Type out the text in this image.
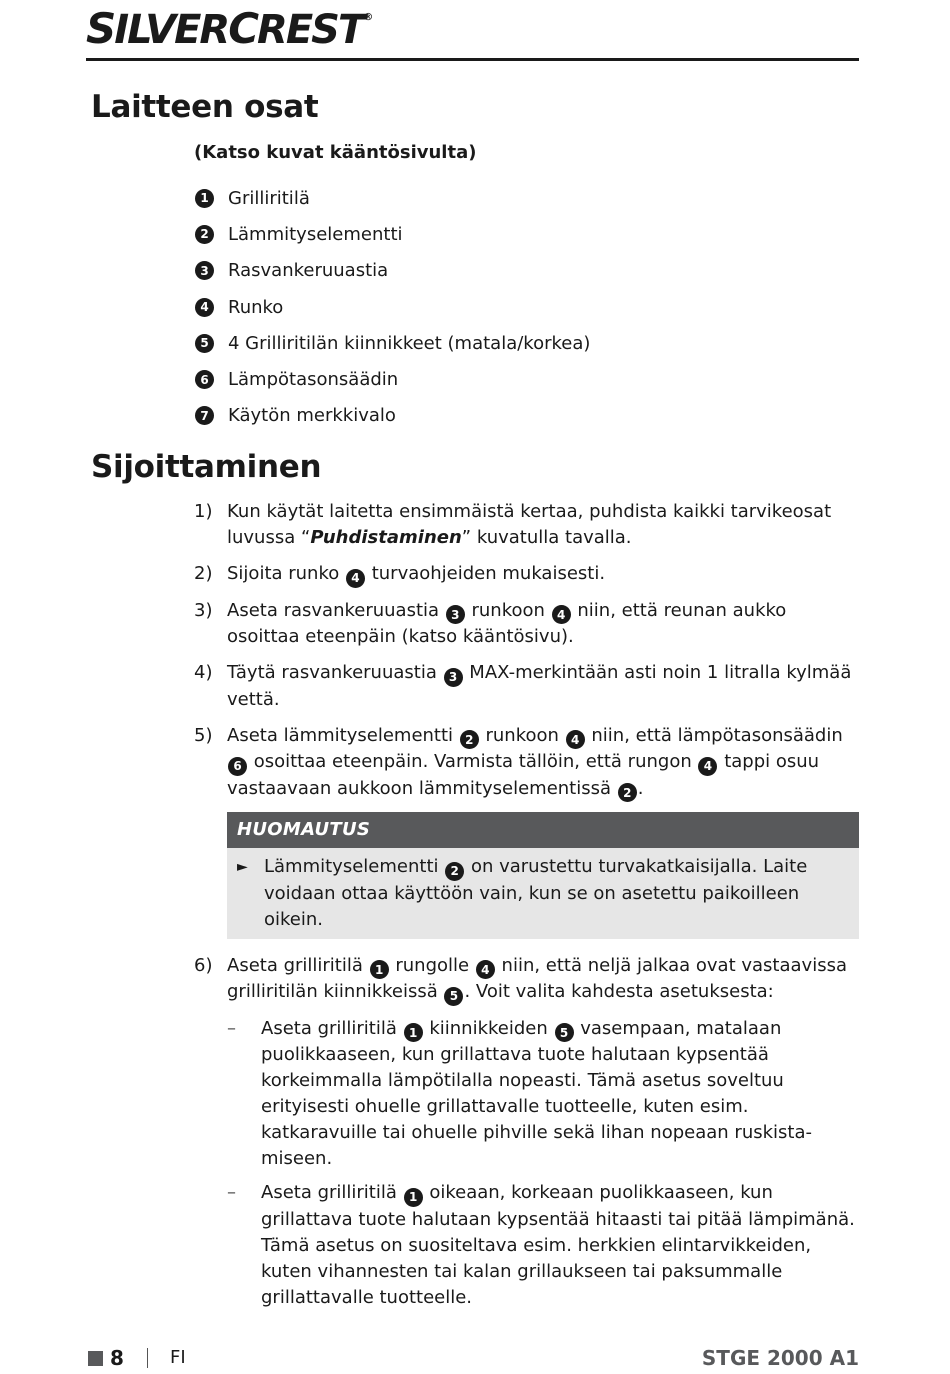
SILVERCREST®
Laitteen osat

(Katso kuvat kääntösivulta)

1 Grilliritilä
2 Lämmityselementti
3 Rasvankeruuastia
4 Runko
5 4 Grilliritilän kiinnikkeet (matala/korkea)
6 Lämpötasonsäädin
7 Käytön merkkivalo
Sijoittaminen
1) Kun käytät laitetta ensimmäistä kertaa, puhdista kaikki tarvikeosat luvussa “Puhdistaminen” kuvatulla tavalla.
2) Sijoita runko 4 turvaohjeiden mukaisesti.
3) Aseta rasvankeruuastia 3 runkoon 4 niin, että reunan aukko osoittaa eteenpäin (katso kääntösivu).
4) Täytä rasvankeruuastia 3 MAX-merkintään asti noin 1 litralla kylmää vettä.
5) Aseta lämmityselementti 2 runkoon 4 niin, että lämpötasonsäädin 6 osoittaa eteenpäin. Varmista tällöin, että rungon 4 tappi osuu vastaavaan aukkoon lämmityselementissä 2 .
HUOMAUTUS
► Lämmityselementti 2 on varustettu turvakatkaisijalla. Laite voidaan ottaa käyttöön vain, kun se on asetettu paikoilleen oikein.
6) Aseta grilliritilä 1 rungolle 4 niin, että neljä jalkaa ovat vastaavissa grilliritilän kiinnikkeissä 5 . Voit valita kahdesta asetuksesta:
–	Aseta grilliritilä 1 kiinnikkeiden 5 vasempaan, matalaan puolikkaaseen, kun grillattava tuote halutaan kypsentää korkeimmalla lämpötilalla nopeasti. Tämä asetus soveltuu erityisesti ohuelle grillattavalle tuotteelle, kuten esim. katkaravuille tai ohuelle pihville sekä lihan nopeaan ruskistamiseen.
–	Aseta grilliritilä 1 oikeaan, korkeaan puolikkaaseen, kun grillattava tuote halutaan kypsentää hitaasti tai pitää lämpimänä. Tämä asetus on suositeltava esim. herkkien elintarvikkeiden, kuten vihannesten tai kalan grillaukseen tai paksummalle grillattavalle tuotteelle.
8	FI	STGE 2000 A1
